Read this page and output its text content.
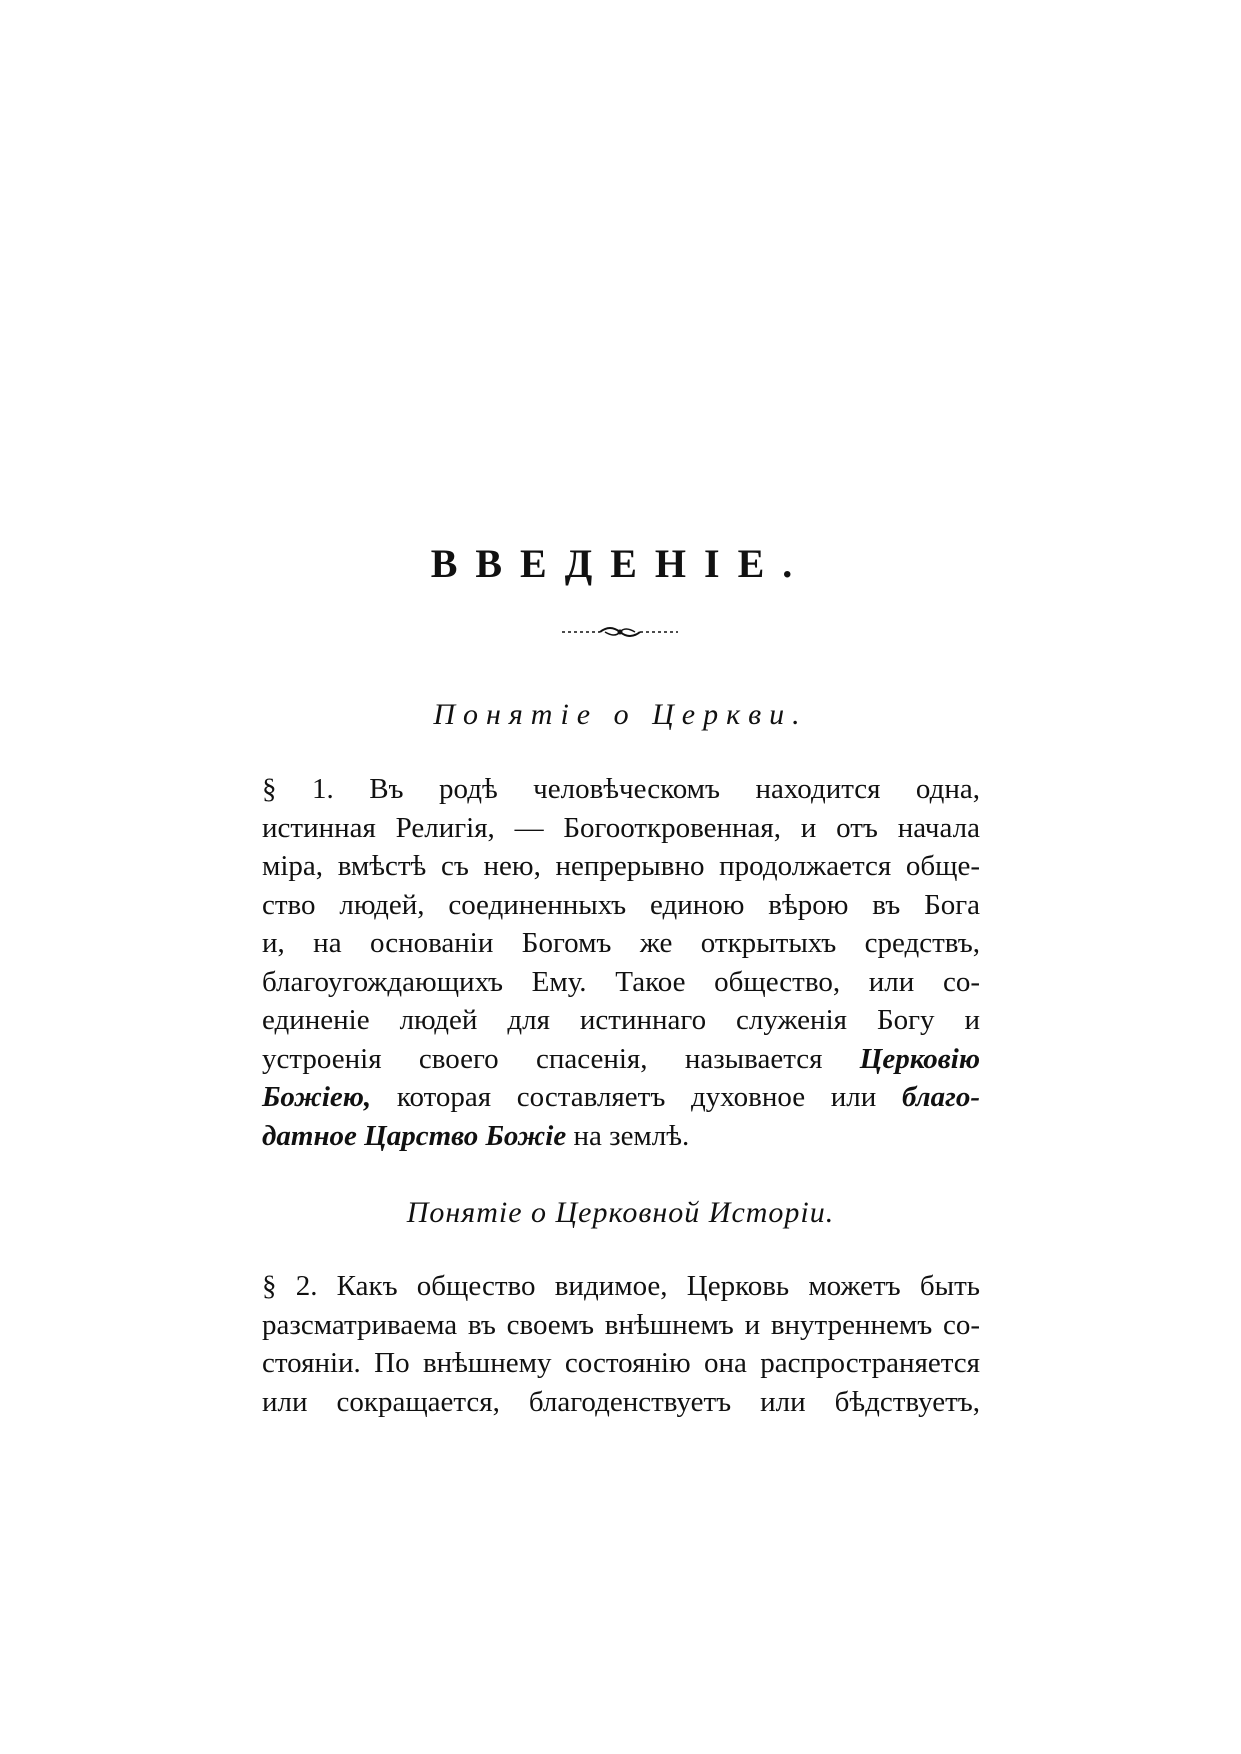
ВВЕДЕНІЕ.
Понятіе о Церкви.
§ 1. Въ родѣ человѣческомъ находится одна,
истинная Религія, — Богооткровенная, и отъ начала
міра, вмѣстѣ съ нею, непрерывно продолжается обще-
ство людей, соединенныхъ единою вѣрою въ Бога
и, на основаніи Богомъ же открытыхъ средствъ,
благоугождающихъ Ему. Такое общество, или со-
единеніе людей для истиннаго служенія Богу и
устроенія своего спасенія, называется Церковію
Божіею, которая составляетъ духовное или благо-
датное Царство Божіе на землѣ.
Понятіе о Церковной Исторіи.
§ 2. Какъ общество видимое, Церковь можетъ быть
разсматриваема въ своемъ внѣшнемъ и внутреннемъ со-
стояніи. По внѣшнему состоянію она распространяется
или сокращается, благоденствуетъ или бѣдствуетъ,
